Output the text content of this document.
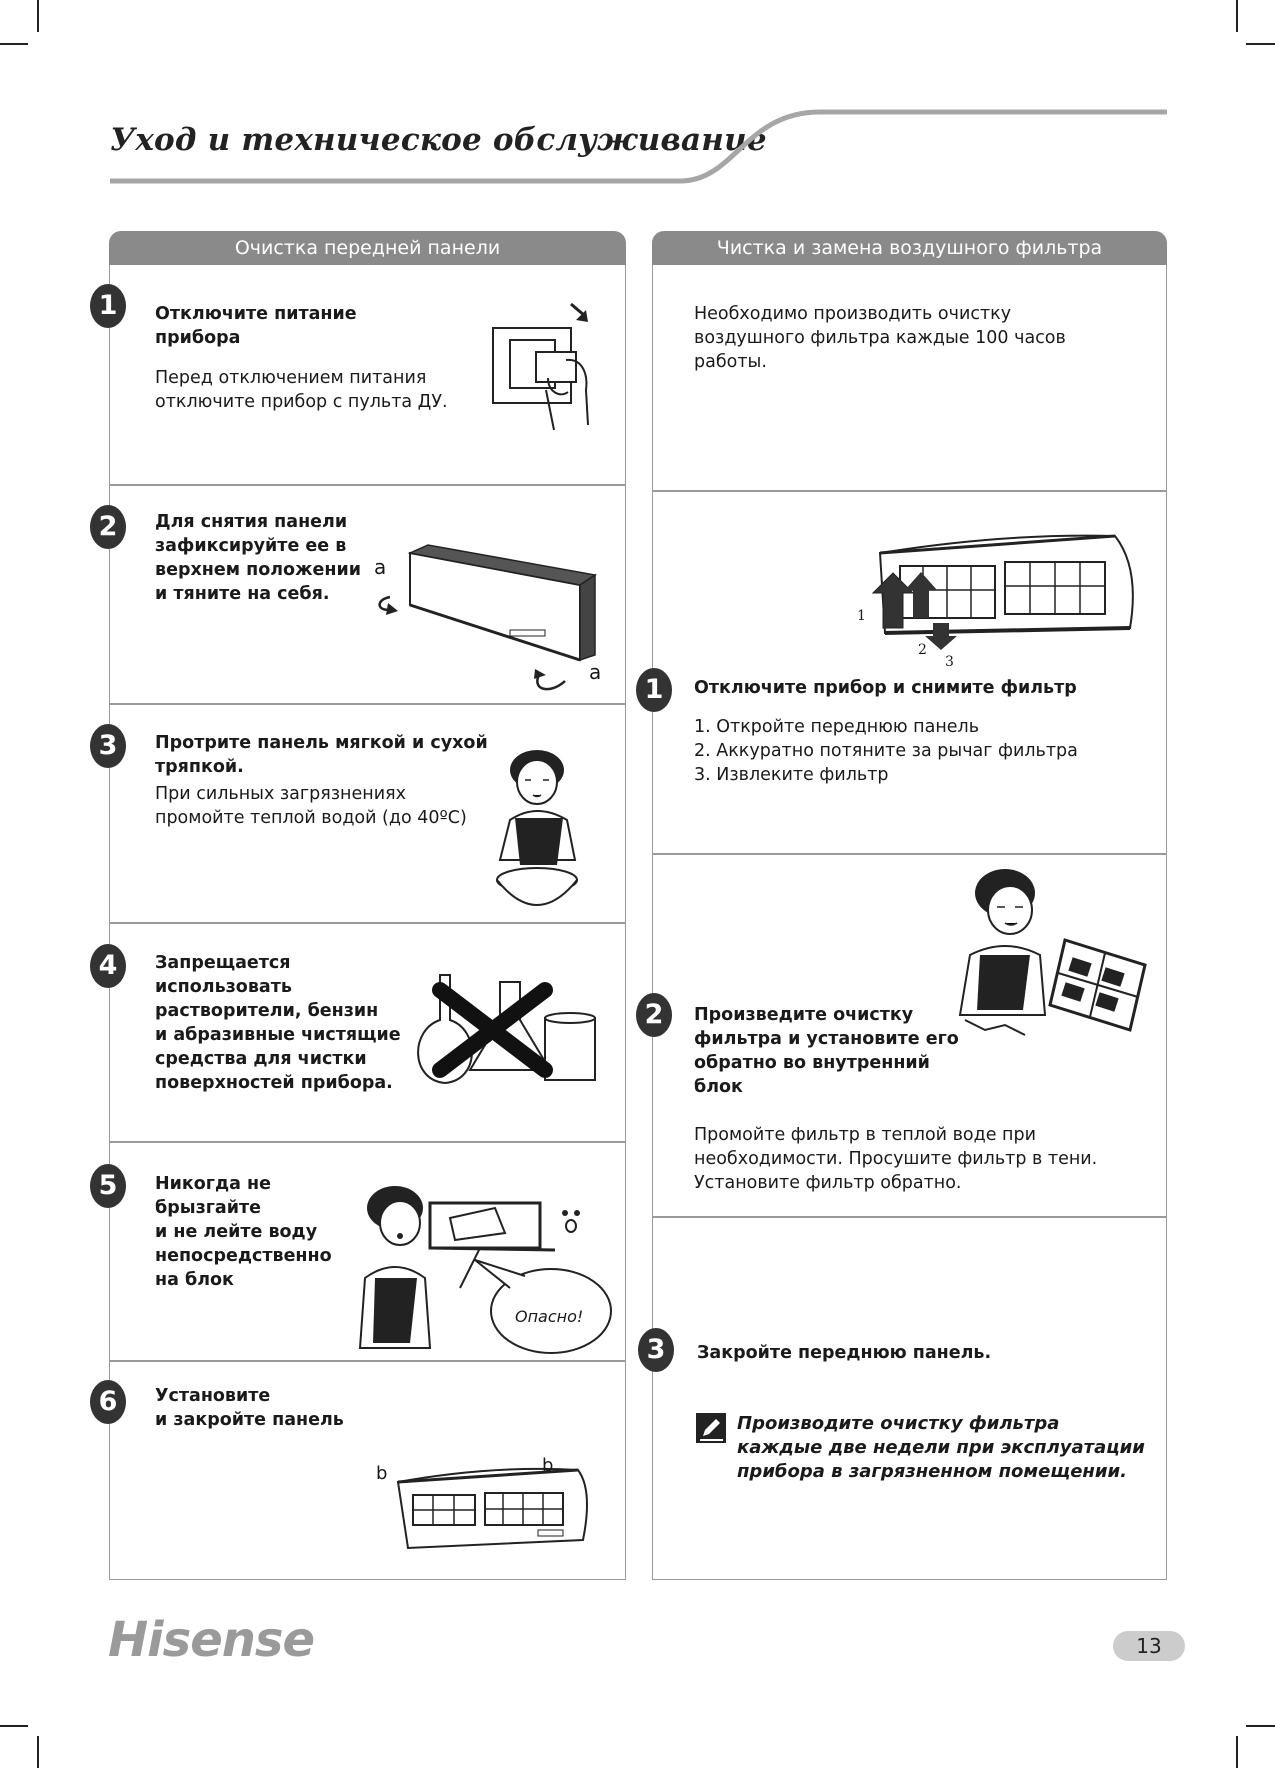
Уход и техническое обслуживание
Очистка передней панели
1	Отключите питание
прибора
Перед отключением питания
отключите прибор с пульта ДУ.
2	Для снятия панели
зафиксируйте ее в
верхнем положении
и тяните на себя.
a
a
3	Протрите панель мягкой и сухой
тряпкой.
При сильных загрязнениях
промойте теплой водой (до 40ºC)
4	Запрещается
использовать
растворители, бензин
и абразивные чистящие
средства для чистки
поверхностей прибора.
5	Никогда не
брызгайте
и не лейте воду
непосредственно
на блок
Опасно!
6	Установите
и закройте панель
b	b
Чистка и замена воздушного фильтра
Необходимо производить очистку
воздушного фильтра каждые 100 часов
работы.
1
2
3
1	Отключите прибор и снимите фильтр
1. Откройте переднюю панель
2. Аккуратно потяните за рычаг фильтра
3. Извлеките фильтр
2	Произведите очистку
фильтра и установите его
обратно во внутренний
блок
Промойте фильтр в теплой воде при
необходимости. Просушите фильтр в тени.
Установите фильтр обратно.
3	Закройте переднюю панель.
Производите очистку фильтра
каждые две недели при эксплуатации
прибора в загрязненном помещении.
Hisense	13
